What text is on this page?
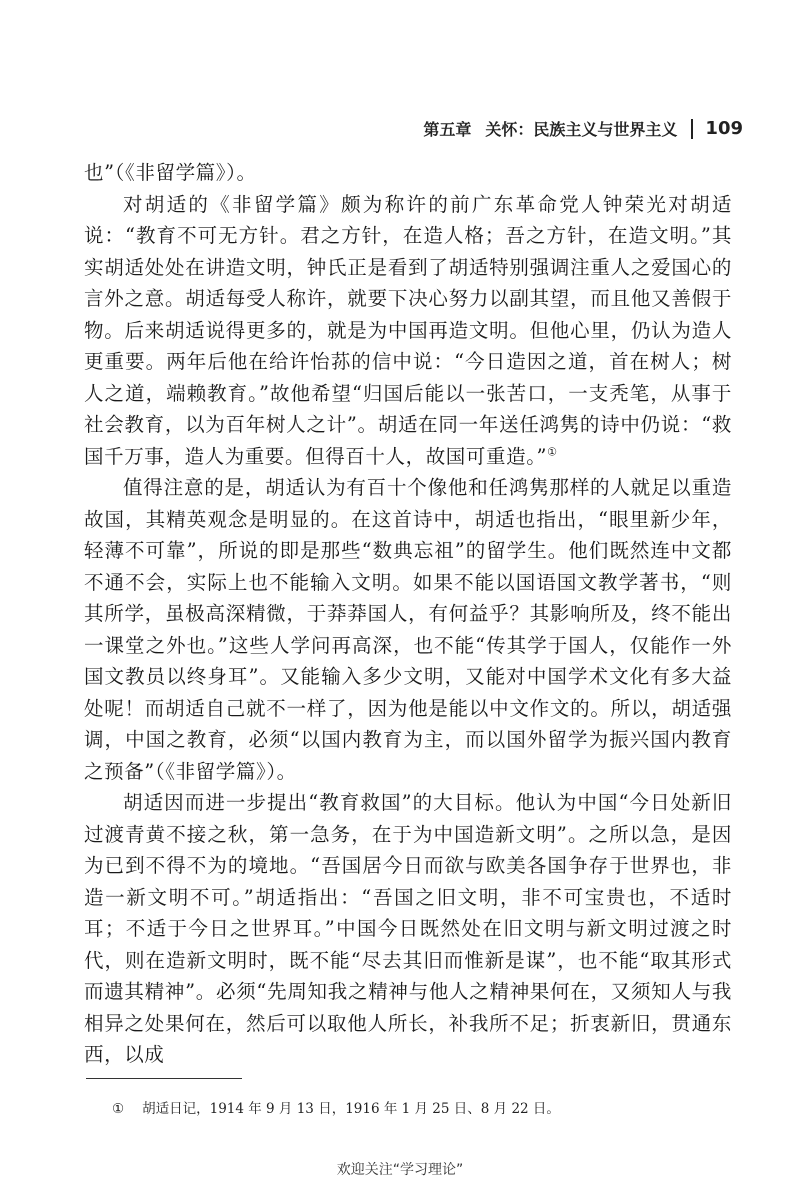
第五章 关怀：民族主义与世界主义 109

也”（《非留学篇》）。

对胡适的《非留学篇》颇为称许的前广东革命党人钟荣光对胡适说：“教育不可无方针。君之方针，在造人格；吾之方针，在造文明。”其实胡适处处在讲造文明，钟氏正是看到了胡适特别强调注重人之爱国心的言外之意。胡适每受人称许，就要下决心努力以副其望，而且他又善假于物。后来胡适说得更多的，就是为中国再造文明。但他心里，仍认为造人更重要。两年后他在给许怡荪的信中说：“今日造因之道，首在树人；树人之道，端赖教育。”故他希望“归国后能以一张苦口，一支秃笔，从事于社会教育，以为百年树人之计”。胡适在同一年送任鸿隽的诗中仍说：“救国千万事，造人为重要。但得百十人，故国可重造。”①

值得注意的是，胡适认为有百十个像他和任鸿隽那样的人就足以重造故国，其精英观念是明显的。在这首诗中，胡适也指出，“眼里新少年，轻薄不可靠”，所说的即是那些“数典忘祖”的留学生。他们既然连中文都不通不会，实际上也不能输入文明。如果不能以国语国文教学著书，“则其所学，虽极高深精微，于莽莽国人，有何益乎？其影响所及，终不能出一课堂之外也。”这些人学问再高深，也不能“传其学于国人，仅能作一外国文教员以终身耳”。又能输入多少文明，又能对中国学术文化有多大益处呢！而胡适自己就不一样了，因为他是能以中文作文的。所以，胡适强调，中国之教育，必须“以国内教育为主，而以国外留学为振兴国内教育之预备”（《非留学篇》）。

胡适因而进一步提出“教育救国”的大目标。他认为中国“今日处新旧过渡青黄不接之秋，第一急务，在于为中国造新文明”。之所以急，是因为已到不得不为的境地。“吾国居今日而欲与欧美各国争存于世界也，非造一新文明不可。”胡适指出：“吾国之旧文明，非不可宝贵也，不适时耳；不适于今日之世界耳。”中国今日既然处在旧文明与新文明过渡之时代，则在造新文明时，既不能“尽去其旧而惟新是谋”，也不能“取其形式而遗其精神”。必须“先周知我之精神与他人之精神果何在，又须知人与我相异之处果何在，然后可以取他人所长，补我所不足；折衷新旧，贯通东西，以成

① 胡适日记，1914 年 9 月 13 日，1916 年 1 月 25 日、8 月 22 日。
欢迎关注“学习理论”
